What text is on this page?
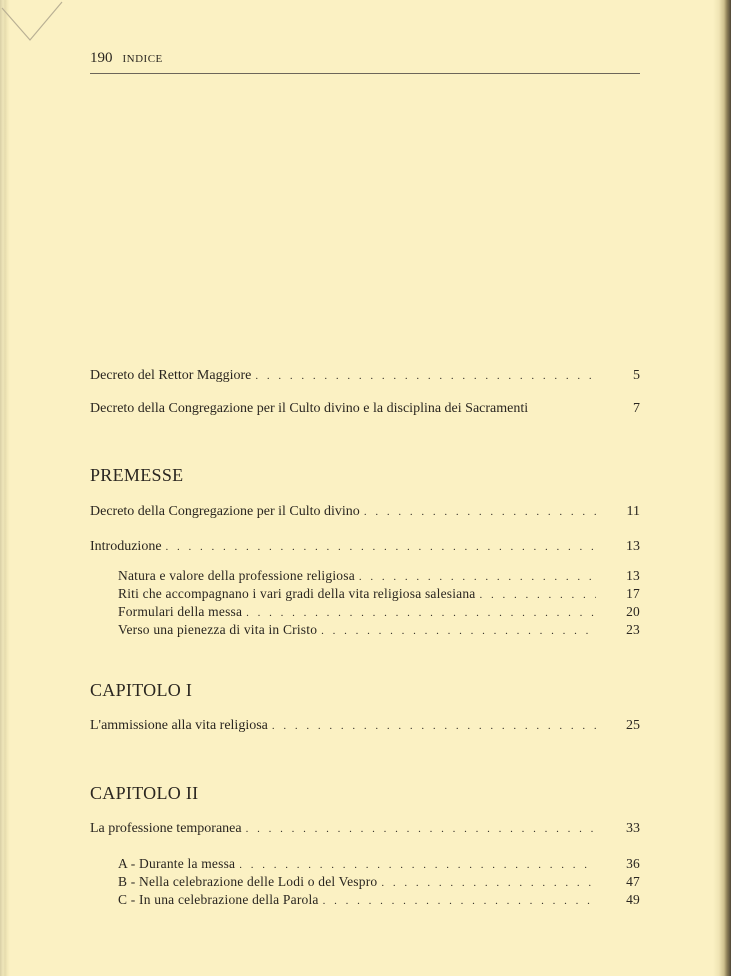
190 INDICE
Decreto del Rettor Maggiore . . .	5
Decreto della Congregazione per il Culto divino e la disciplina dei Sacramenti	7
PREMESSE
Decreto della Congregazione per il Culto divino . . .	11
Introduzione . . .	13
Natura e valore della professione religiosa . . .	13
Riti che accompagnano i vari gradi della vita religiosa salesiana . . .	17
Formulari della messa . . .	20
Verso una pienezza di vita in Cristo . . .	23
CAPITOLO I
L'ammissione alla vita religiosa . . .	25
CAPITOLO II
La professione temporanea . . .	33
A - Durante la messa . . .	36
B - Nella celebrazione delle Lodi o del Vespro . . .	47
C - In una celebrazione della Parola . . .	49
